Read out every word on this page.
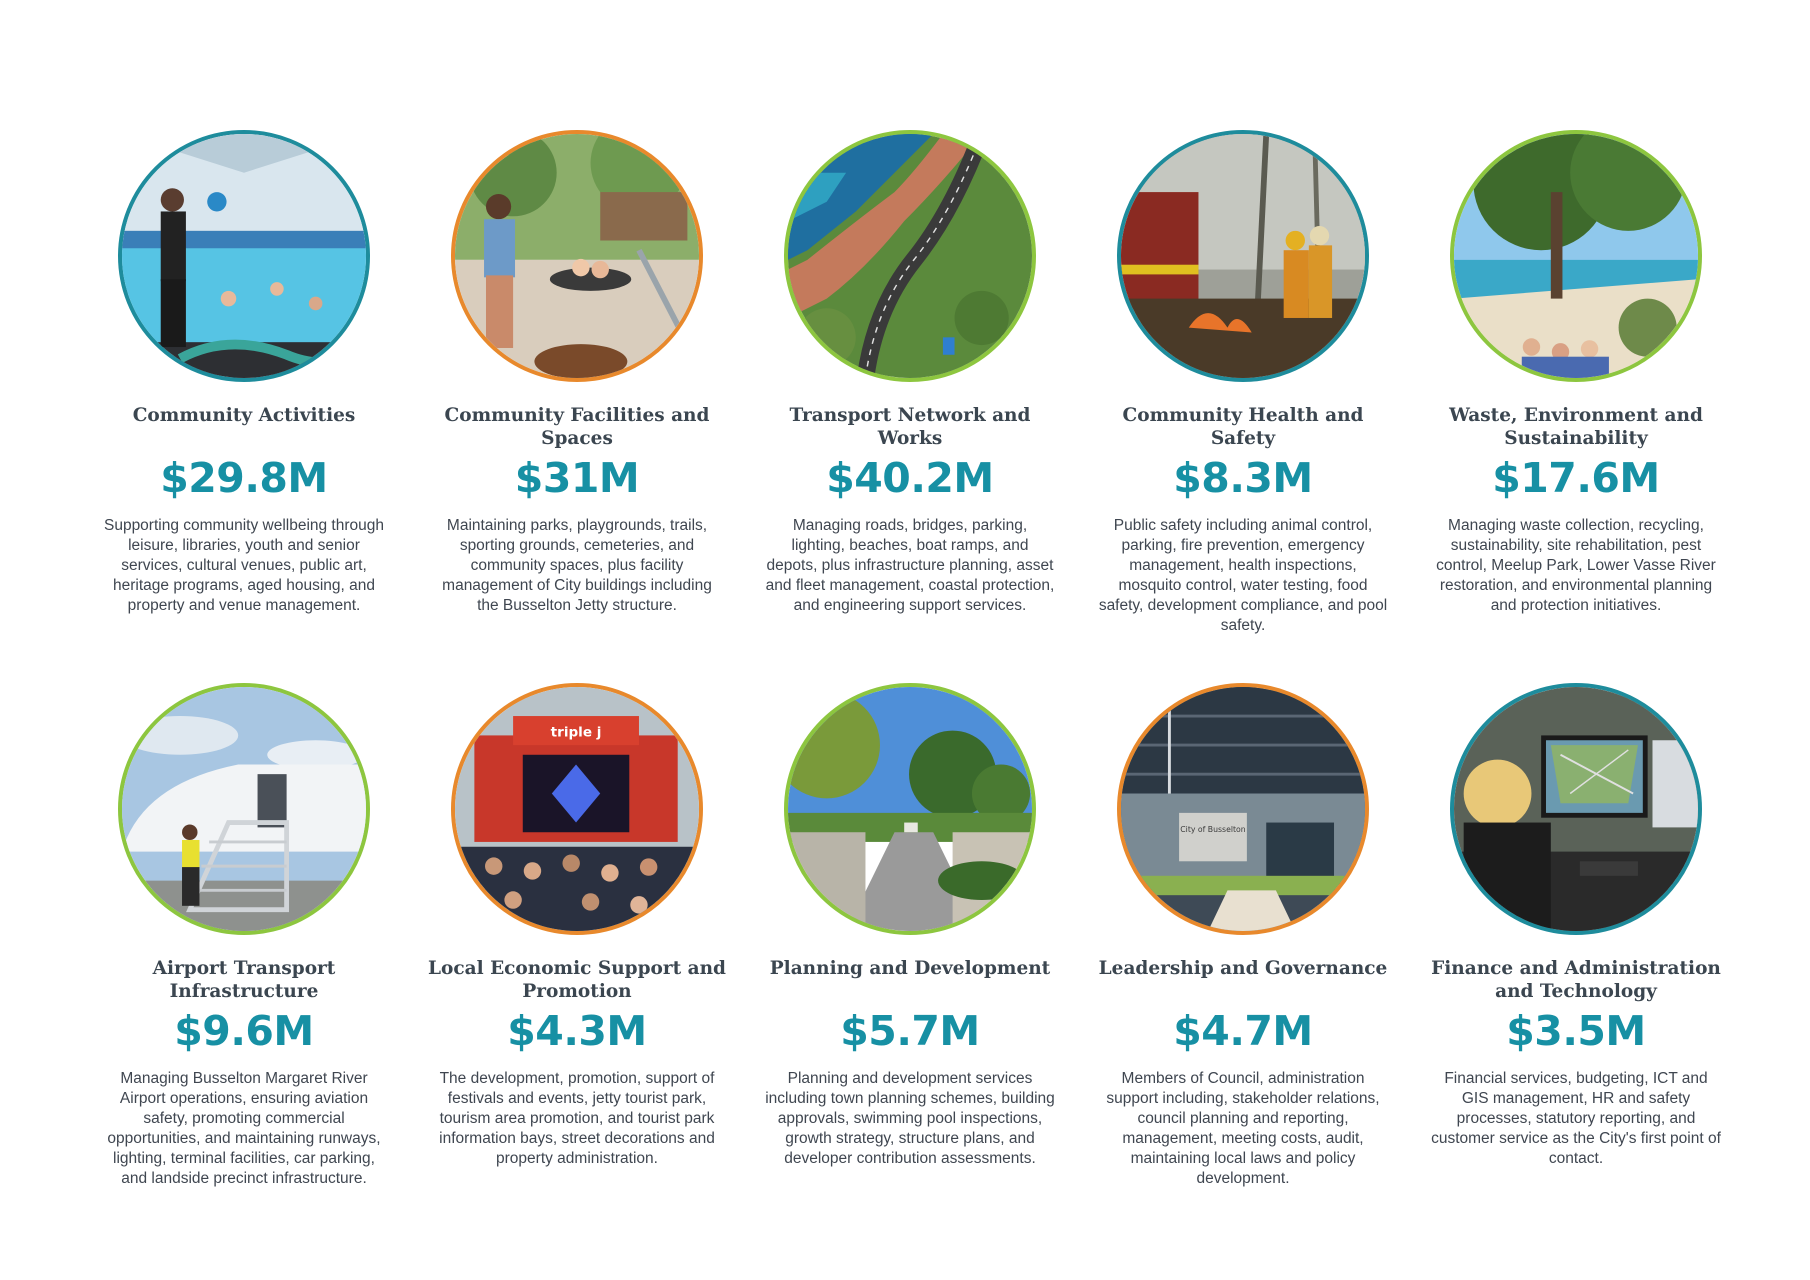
Community Activities
$29.8M
Supporting community wellbeing through leisure, libraries, youth and senior services, cultural venues, public art, heritage programs, aged housing, and property and venue management.
Community Facilities and Spaces
$31M
Maintaining parks, playgrounds, trails, sporting grounds, cemeteries, and community spaces, plus facility management of City buildings including the Busselton Jetty structure.
Transport Network and Works
$40.2M
Managing roads, bridges, parking, lighting, beaches, boat ramps, and depots, plus infrastructure planning, asset and fleet management, coastal protection, and engineering support services.
Community Health and Safety
$8.3M
Public safety including animal control, parking, fire prevention, emergency management, health inspections, mosquito control, water testing, food safety, development compliance, and pool safety.
Waste, Environment and Sustainability
$17.6M
Managing waste collection, recycling, sustainability, site rehabilitation, pest control, Meelup Park, Lower Vasse River restoration, and environmental planning and protection initiatives.
Airport Transport Infrastructure
$9.6M
Managing Busselton Margaret River Airport operations, ensuring aviation safety, promoting commercial opportunities, and maintaining runways, lighting, terminal facilities, car parking, and landside precinct infrastructure.
triple j
Local Economic Support and Promotion
$4.3M
The development, promotion, support of festivals and events, jetty tourist park, tourism area promotion, and tourist park information bays, street decorations and property administration.
Planning and Development
$5.7M
Planning and development services including town planning schemes, building approvals, swimming pool inspections, growth strategy, structure plans, and developer contribution assessments.
City of Busselton
Leadership and Governance
$4.7M
Members of Council, administration support including, stakeholder relations, council planning and reporting, management, meeting costs, audit, maintaining local laws and policy development.
Finance and Administration and Technology
$3.5M
Financial services, budgeting, ICT and GIS management, HR and safety processes, statutory reporting, and customer service as the City's first point of contact.
